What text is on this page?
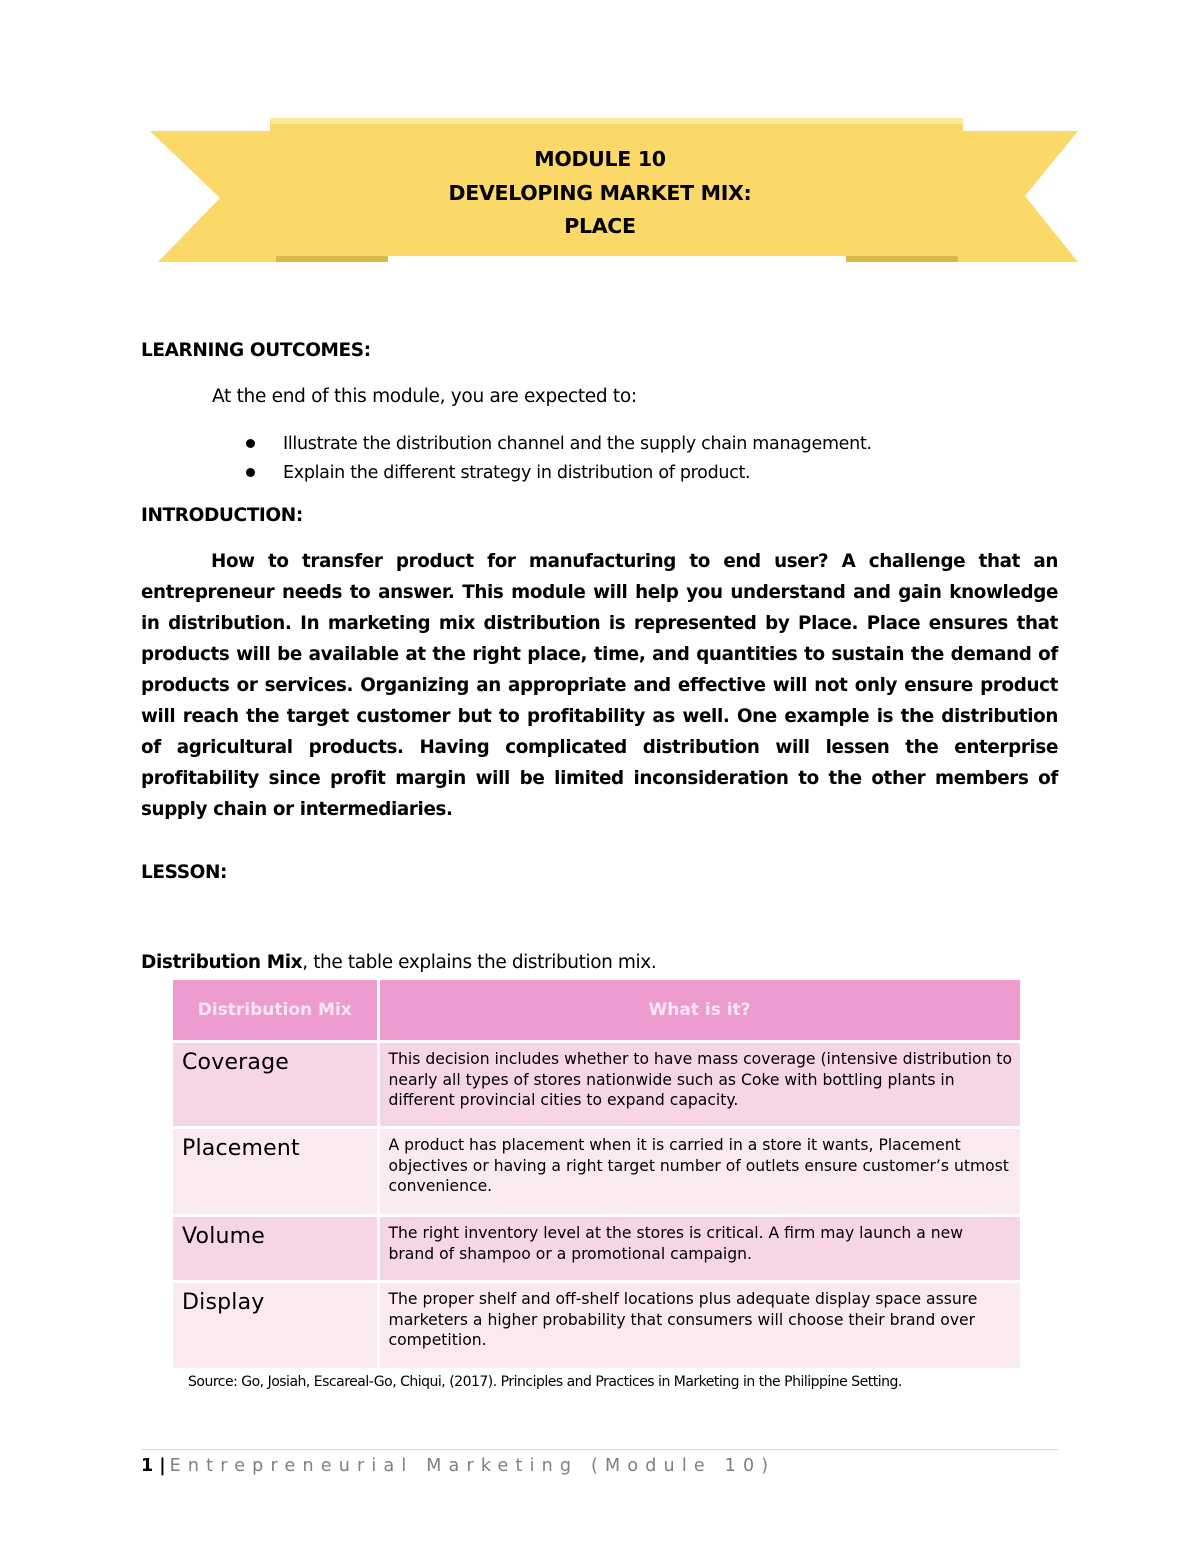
MODULE 10
DEVELOPING MARKET MIX:
PLACE
LEARNING OUTCOMES:
At the end of this module, you are expected to:
Illustrate the distribution channel and the supply chain management.
Explain the different strategy in distribution of product.
INTRODUCTION:

How to transfer product for manufacturing to end user? A challenge that an entrepreneur needs to answer. This module will help you understand and gain knowledge in distribution. In marketing mix distribution is represented by Place. Place ensures that products will be available at the right place, time, and quantities to sustain the demand of products or services. Organizing an appropriate and effective will not only ensure product will reach the target customer but to profitability as well. One example is the distribution of agricultural products. Having complicated distribution will lessen the enterprise profitability since profit margin will be limited inconsideration to the other members of supply chain or intermediaries.

LESSON:
Distribution Mix, the table explains the distribution mix.
Distribution Mix	What is it?

Coverage	This decision includes whether to have mass coverage (intensive distribution to nearly all types of stores nationwide such as Coke with bottling plants in different provincial cities to expand capacity.

Placement	A product has placement when it is carried in a store it wants, Placement objectives or having a right target number of outlets ensure customer’s utmost convenience.

Volume	The right inventory level at the stores is critical. A firm may launch a new brand of shampoo or a promotional campaign.

Display	The proper shelf and off-shelf locations plus adequate display space assure marketers a higher probability that consumers will choose their brand over competition.
Source: Go, Josiah, Escareal-Go, Chiqui, (2017). Principles and Practices in Marketing in the Philippine Setting.
1 | Entrepreneurial Marketing (Module 10)
